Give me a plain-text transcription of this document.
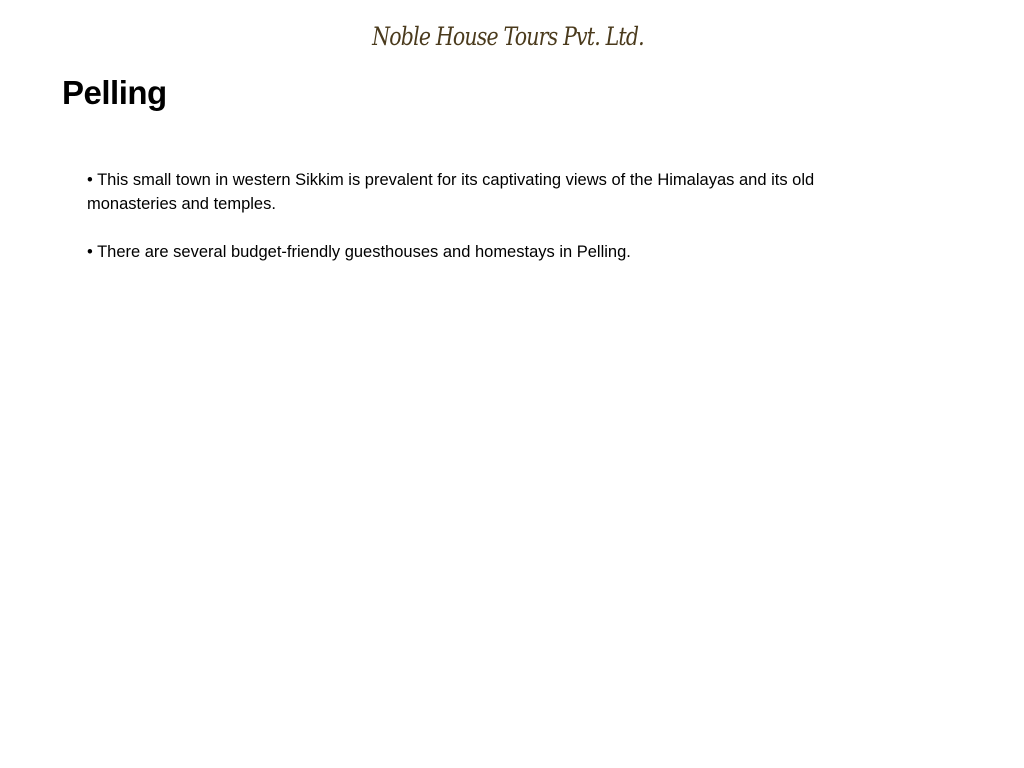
Noble House Tours Pvt. Ltd.
Pelling

• This small town in western Sikkim is prevalent for its captivating views of the Himalayas and its old monasteries and temples.

• There are several budget-friendly guesthouses and homestays in Pelling.
